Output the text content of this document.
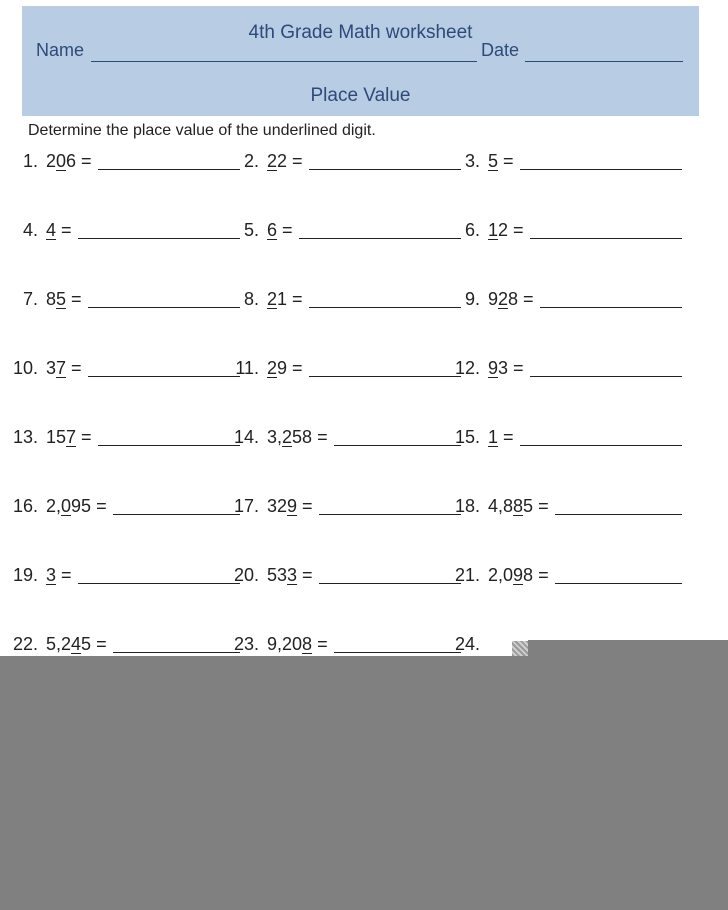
4th Grade Math worksheet
Name	Date
Place Value
Determine the place value of the underlined digit.
1. 206 =	2. 22 =	3. 5 =
4. 4 =	5. 6 =	6. 12 =
7. 85 =	8. 21 =	9. 928 =
10. 37 =	11. 29 =	12. 93 =
13. 157 =	14. 3,258 =	15. 1 =
16. 2,095 =	17. 329 =	18. 4,885 =
19. 3 =	20. 533 =	21. 2,098 =
22. 5,245 =	23. 9,208 =	24.
